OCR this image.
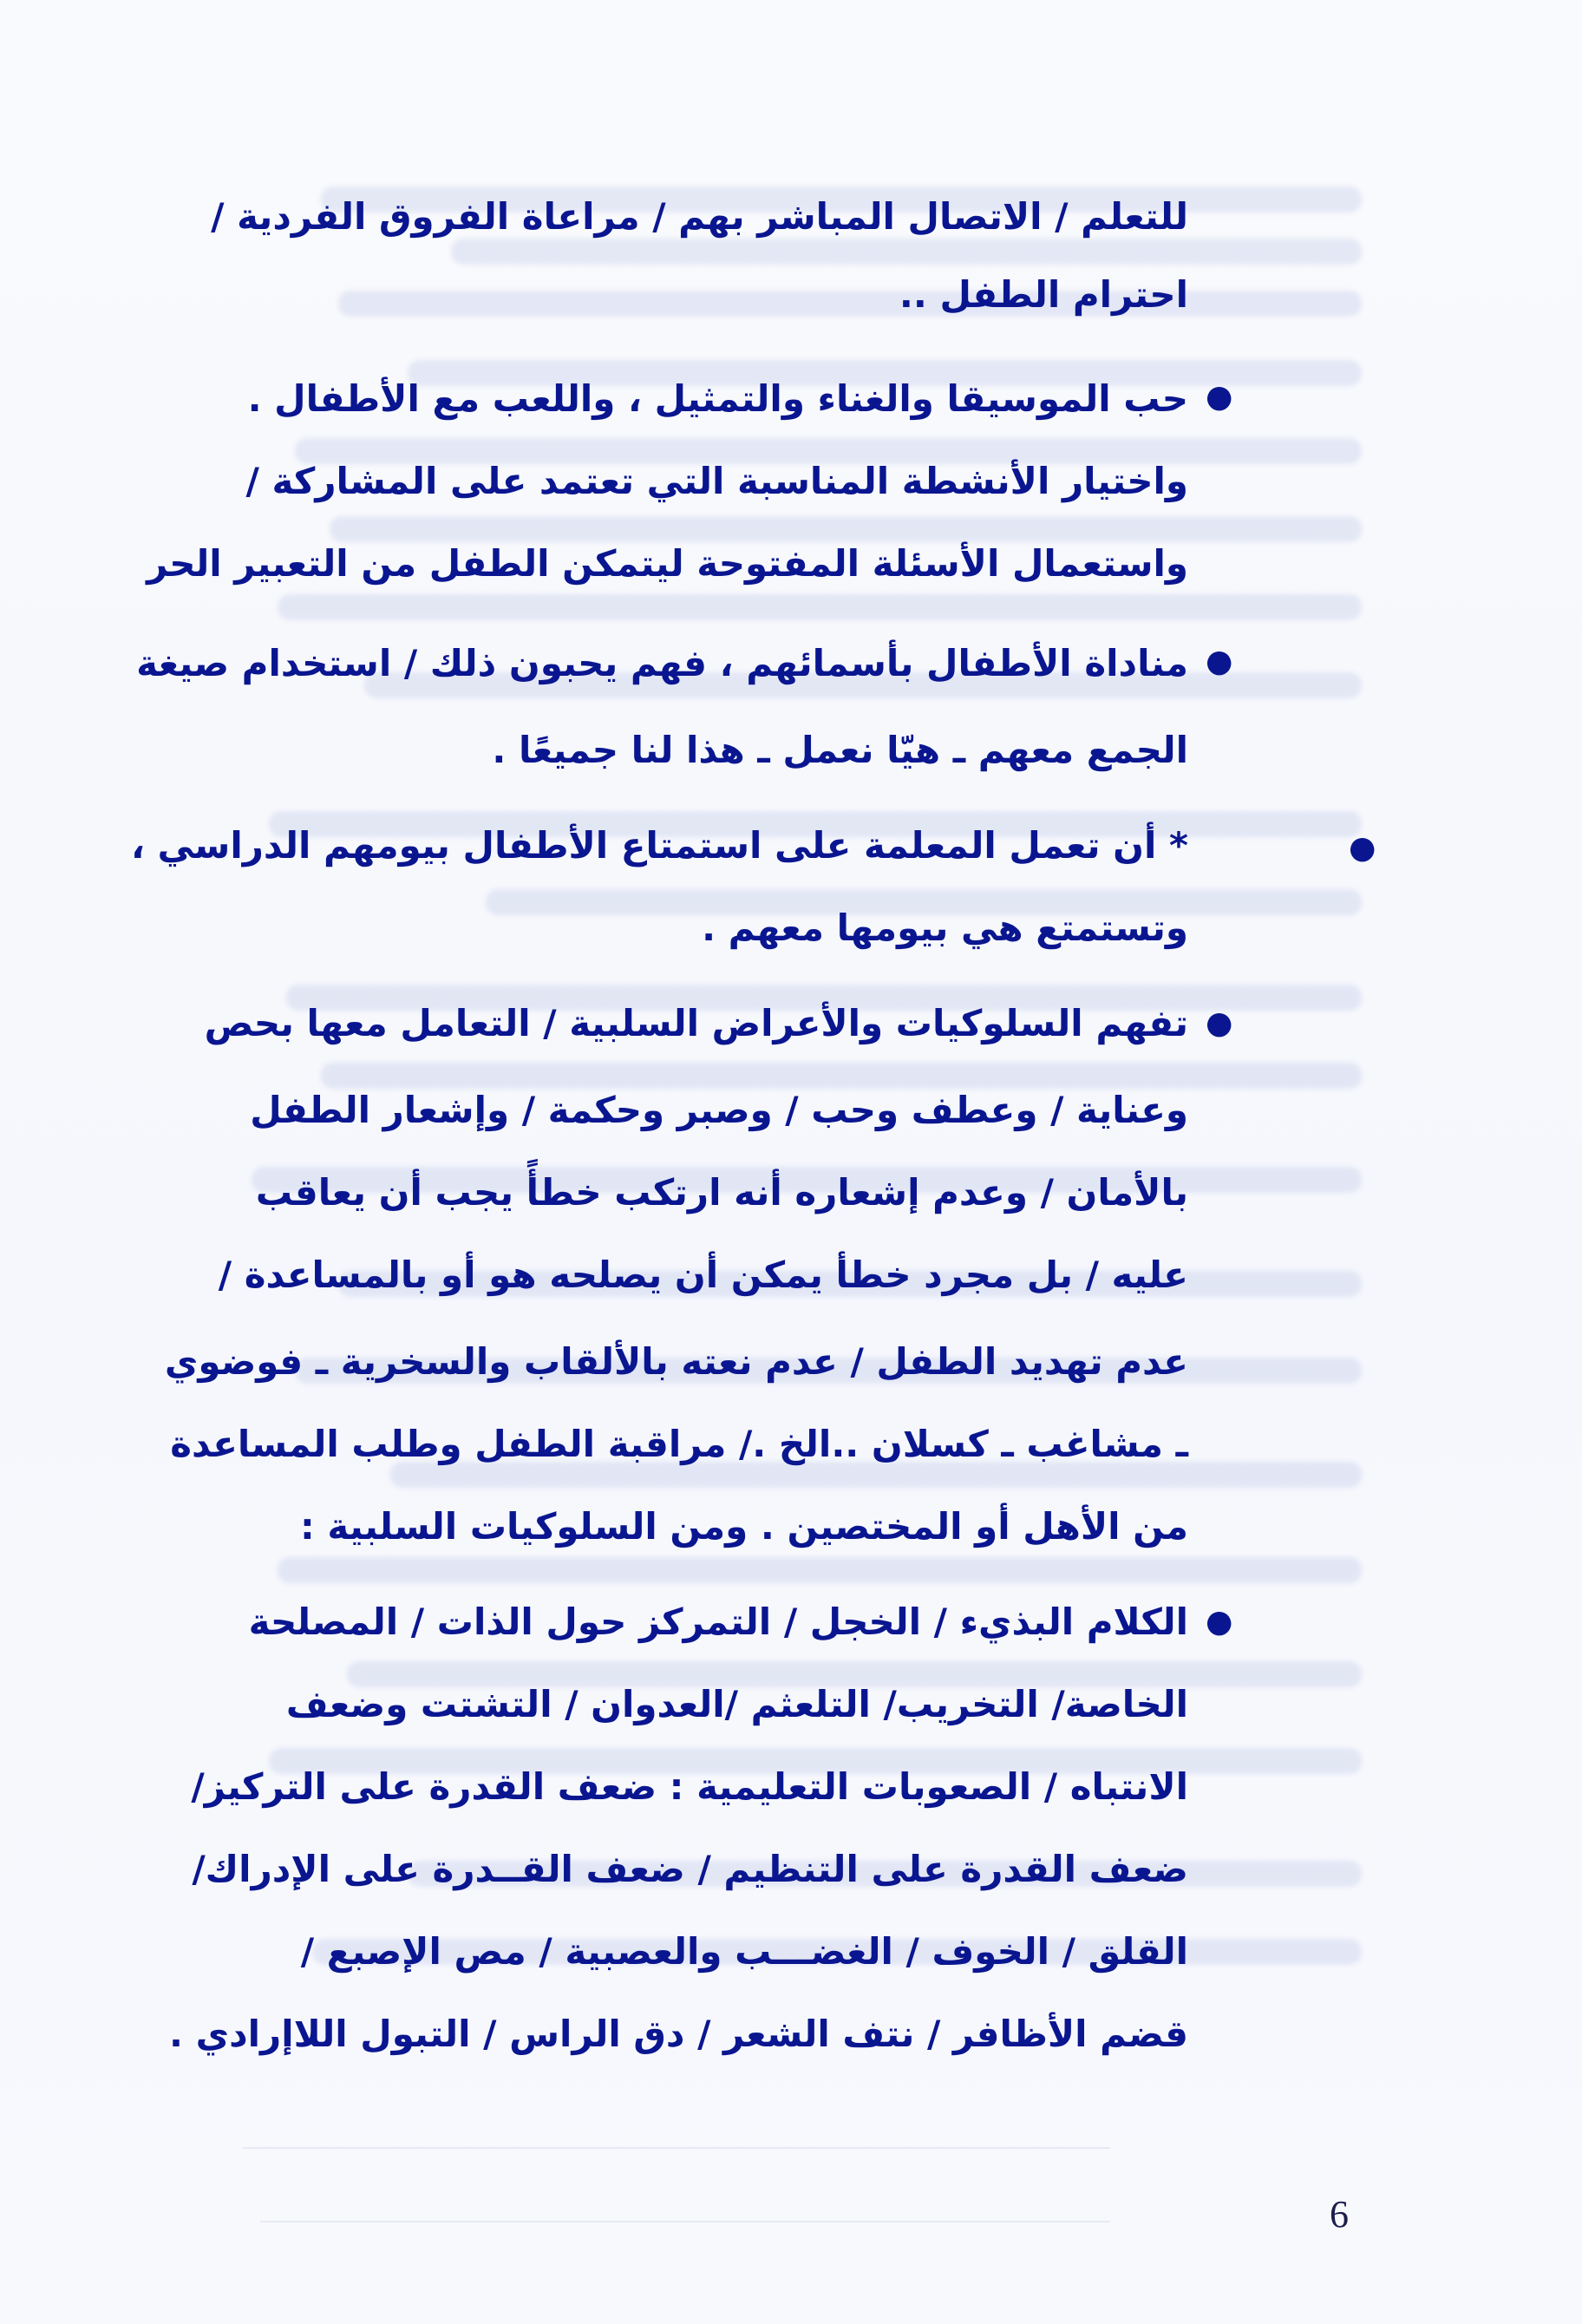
للتعلم / الاتصال المباشر بهم / مراعاة الفروق الفردية /
احترام الطفل ..
●
حب الموسيقا والغناء والتمثيل ، واللعب مع الأطفال .
واختيار الأنشطة المناسبة التي تعتمد على المشاركة /
واستعمال الأسئلة المفتوحة ليتمكن الطفل من التعبير الحر
●
مناداة الأطفال بأسمائهم ، فهم يحبون ذلك / استخدام صيغة
الجمع معهم ـ هيّا نعمل ـ هذا لنا جميعًا .
●
* أن تعمل المعلمة على استمتاع الأطفال بيومهم الدراسي ،
وتستمتع هي بيومها معهم .
●
تفهم السلوكيات والأعراض السلبية / التعامل معها بحص
وعناية / وعطف وحب / وصبر وحكمة / وإشعار الطفل
بالأمان / وعدم إشعاره أنه ارتكب خطأً يجب أن يعاقب
عليه / بل مجرد خطأ يمكن أن يصلحه هو أو بالمساعدة /
عدم تهديد الطفل / عدم نعته بالألقاب والسخرية ـ فوضوي
ـ مشاغب ـ كسلان ..الخ ./ مراقبة الطفل وطلب المساعدة
من الأهل أو المختصين . ومن السلوكيات السلبية :
●
الكلام البذيء / الخجل / التمركز حول الذات / المصلحة
الخاصة/ التخريب/ التلعثم /العدوان / التشتت وضعف
الانتباه / الصعوبات التعليمية : ضعف القدرة على التركيز/
ضعف القدرة على التنظيم / ضعف القــدرة على الإدراك/
القلق / الخوف / الغضـــب والعصبية / مص الإصبع /
قضم الأظافر / نتف الشعر / دق الراس / التبول اللاإرادي .
6
